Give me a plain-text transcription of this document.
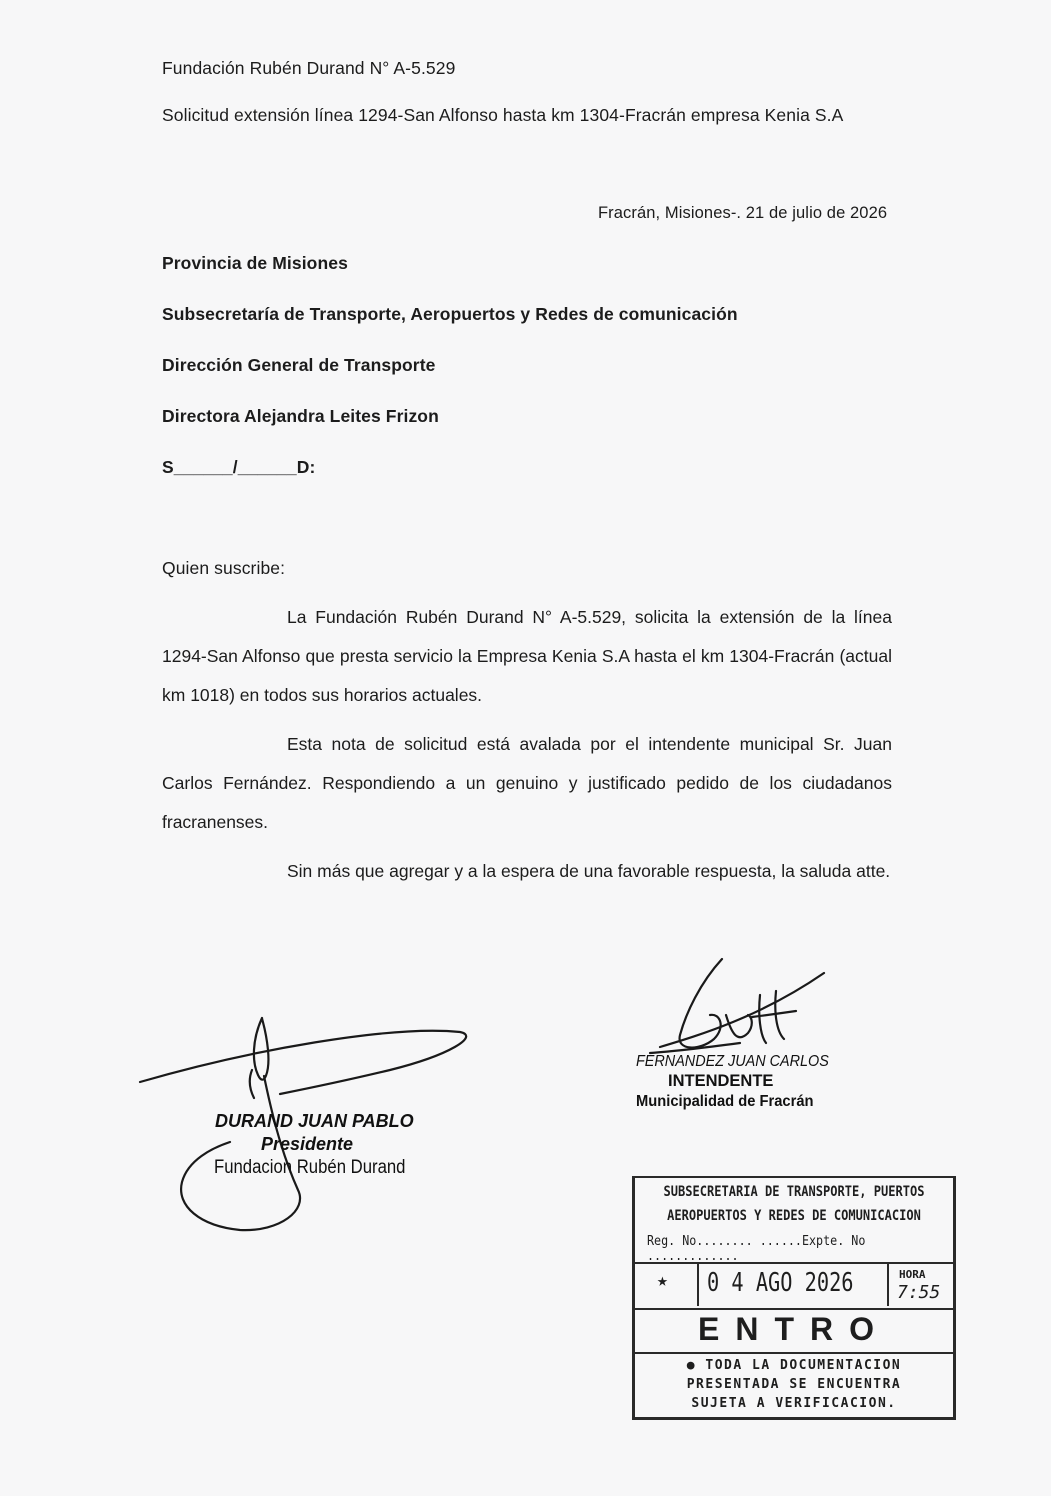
Fundación Rubén Durand N° A-5.529
Solicitud extensión línea 1294-San Alfonso hasta km 1304-Fracrán empresa Kenia S.A
Fracrán, Misiones-. 21 de julio de 2026
Provincia de Misiones
Subsecretaría de Transporte, Aeropuertos y Redes de comunicación
Dirección General de Transporte
Directora Alejandra Leites Frizon
S______/______D:
Quien suscribe:
La Fundación Rubén Durand N° A-5.529, solicita la extensión de la línea 1294-San Alfonso que presta servicio la Empresa Kenia S.A hasta el km 1304-Fracrán (actual km 1018) en todos sus horarios actuales.
Esta nota de solicitud está avalada por el intendente municipal Sr. Juan Carlos Fernández. Respondiendo a un genuino y justificado pedido de los ciudadanos fracranenses.
Sin más que agregar y a la espera de una favorable respuesta, la saluda atte.
DURAND JUAN PABLO
Presidente
Fundacion Rubén Durand
FERNANDEZ JUAN CARLOS
INTENDENTE
Municipalidad de Fracrán
SUBSECRETARIA DE TRANSPORTE, PUERTOS
AEROPUERTOS Y REDES DE COMUNICACION
Reg. No........ ......Expte. No .............
★ 0 4 AGO 2026	HORA
7:55
ENTRO
● TODA LA DOCUMENTACION
PRESENTADA SE ENCUENTRA
SUJETA A VERIFICACION.
